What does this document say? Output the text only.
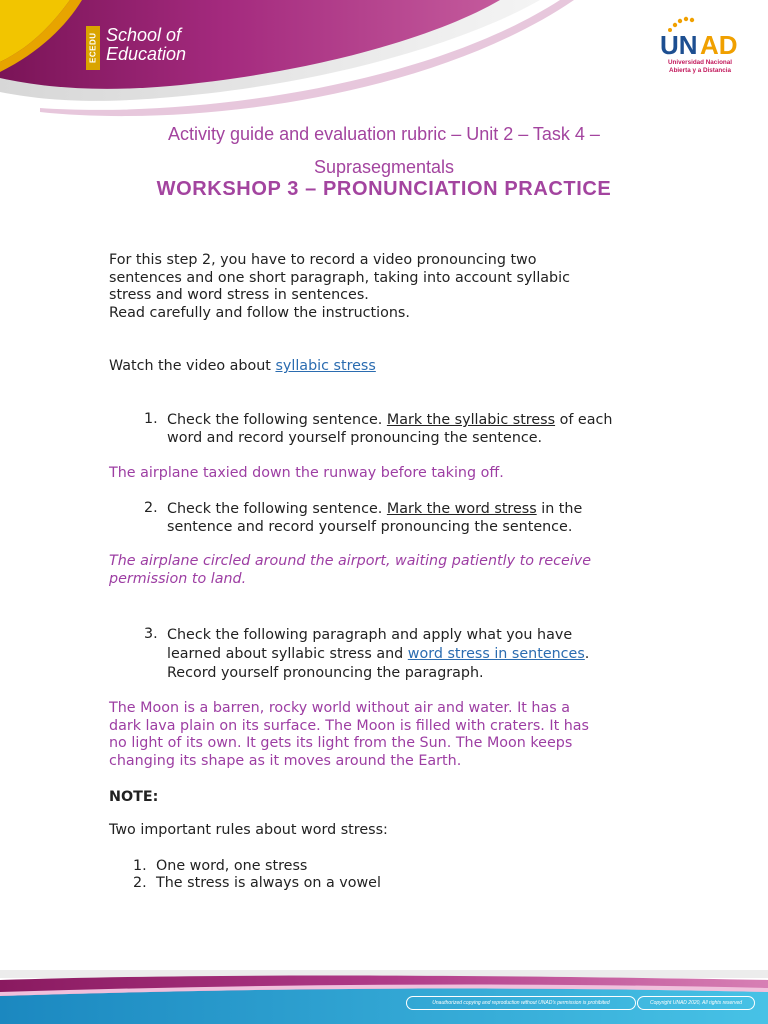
ECEDU School of
Education	UN AD
Universidad Nacional
Abierta y a Distancia
Activity guide and evaluation rubric – Unit 2 – Task 4 –
Suprasegmentals
WORKSHOP 3 – PRONUNCIATION PRACTICE
For this step 2, you have to record a video pronouncing two
sentences and one short paragraph, taking into account syllabic
stress and word stress in sentences.
Read carefully and follow the instructions.
Watch the video about syllabic stress
1. Check the following sentence. Mark the syllabic stress of each
word and record yourself pronouncing the sentence.
The airplane taxied down the runway before taking off.
2. Check the following sentence. Mark the word stress in the
sentence and record yourself pronouncing the sentence.
The airplane circled around the airport, waiting patiently to receive
permission to land.
3. Check the following paragraph and apply what you have
learned about syllabic stress and word stress in sentences.
Record yourself pronouncing the paragraph.
The Moon is a barren, rocky world without air and water. It has a
dark lava plain on its surface. The Moon is filled with craters. It has
no light of its own. It gets its light from the Sun. The Moon keeps
changing its shape as it moves around the Earth.
NOTE:
Two important rules about word stress:
1. One word, one stress
2. The stress is always on a vowel
Unauthorized copying and reproduction without UNAD's permission is prohibited	Copyright UNAD 2020, All rights reserved
